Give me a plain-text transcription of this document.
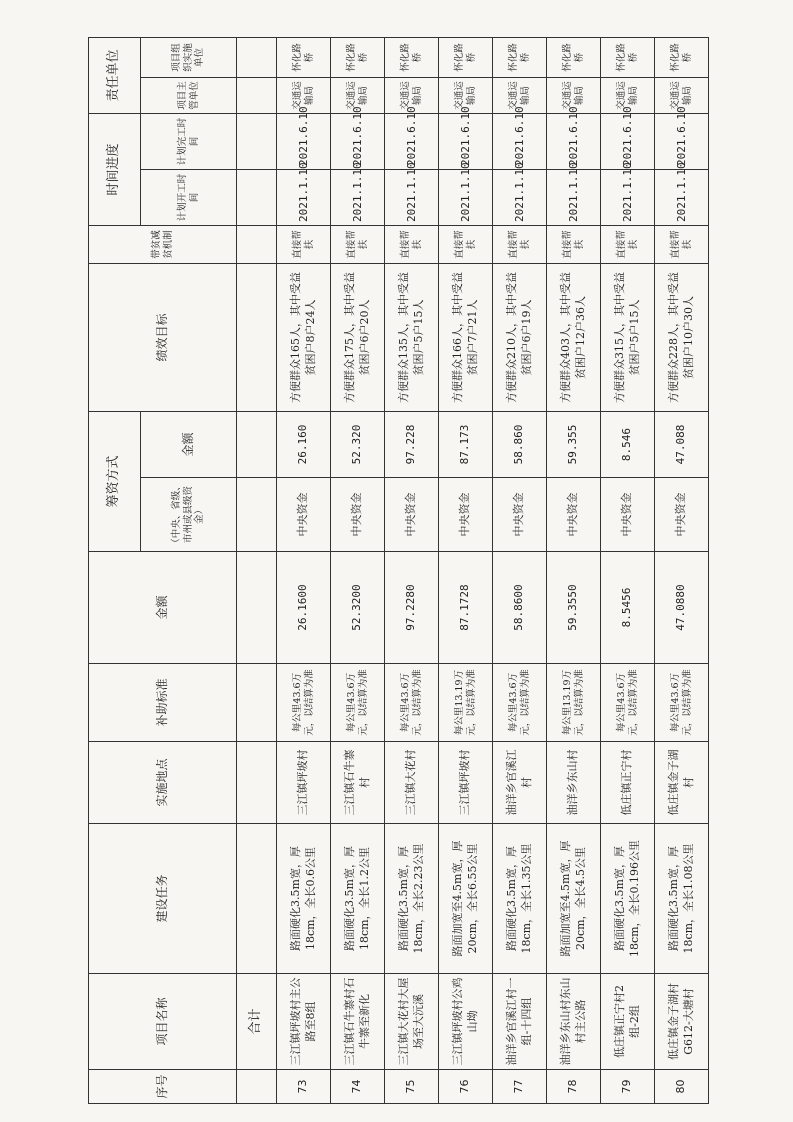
序号	项目名称	建设任务	实施地点	补助标准	金额	筹资方式		绩效目标	带贫减贫机制	时间进度		责任单位	
						（中央、省级、市州或县级资金）	金额			计划开工时间	计划完工时间	项目主管单位	项目组织实施单位
	合计												
73	三江镇坪坡村主公路至8组	路面硬化3.5m宽，厚18cm，全长0.6公里	三江镇坪坡村	每公里43.6万元，以结算为准	26.1600	中央资金	26.160	方便群众165人，其中受益贫困户8户24人	直接帮扶	2021.1.10	2021.6.10	交通运输局	怀化路桥
74	三江镇石牛寨村石牛寨至新化	路面硬化3.5m宽，厚18cm，全长1.2公里	三江镇石牛寨村	每公里43.6万元，以结算为准	52.3200	中央资金	52.320	方便群众175人，其中受益贫困户6户20人	直接帮扶	2021.1.10	2021.6.10	交通运输局	怀化路桥
75	三江镇大花村大屋场至大沅溪	路面硬化3.5m宽，厚18cm，全长2.23公里	三江镇大花村	每公里43.6万元，以结算为准	97.2280	中央资金	97.228	方便群众135人，其中受益贫困户5户15人	直接帮扶	2021.1.10	2021.6.10	交通运输局	怀化路桥
76	三江镇坪坡村公鸡山坳	路面加宽至4.5m宽，厚20cm，全长6.55公里	三江镇坪坡村	每公里13.19万元，以结算为准	87.1728	中央资金	87.173	方便群众166人，其中受益贫困户7户21人	直接帮扶	2021.1.10	2021.6.10	交通运输局	怀化路桥
77	油洋乡官溪江村一组-十四组	路面硬化3.5m宽，厚18cm，全长1.35公里	油洋乡官溪江村	每公里43.6万元，以结算为准	58.8600	中央资金	58.860	方便群众210人，其中受益贫困户6户19人	直接帮扶	2021.1.10	2021.6.10	交通运输局	怀化路桥
78	油洋乡东山村东山村主公路	路面加宽至4.5m宽，厚20cm，全长4.5公里	油洋乡东山村	每公里13.19万元，以结算为准	59.3550	中央资金	59.355	方便群众403人，其中受益贫困户12户36人	直接帮扶	2021.1.10	2021.6.10	交通运输局	怀化路桥
79	低庄镇正宁村2组-2组	路面硬化3.5m宽，厚18cm，全长0.196公里	低庄镇正宁村	每公里43.6万元，以结算为准	8.5456	中央资金	8.546	方便群众315人，其中受益贫困户5户15人	直接帮扶	2021.1.10	2021.6.10	交通运输局	怀化路桥
80	低庄镇金子湖村G612-大塘村	路面硬化3.5m宽，厚18cm，全长1.08公里	低庄镇金子湖村	每公里43.6万元，以结算为准	47.0880	中央资金	47.088	方便群众228人，其中受益贫困户10户30人	直接帮扶	2021.1.10	2021.6.10	交通运输局	怀化路桥
